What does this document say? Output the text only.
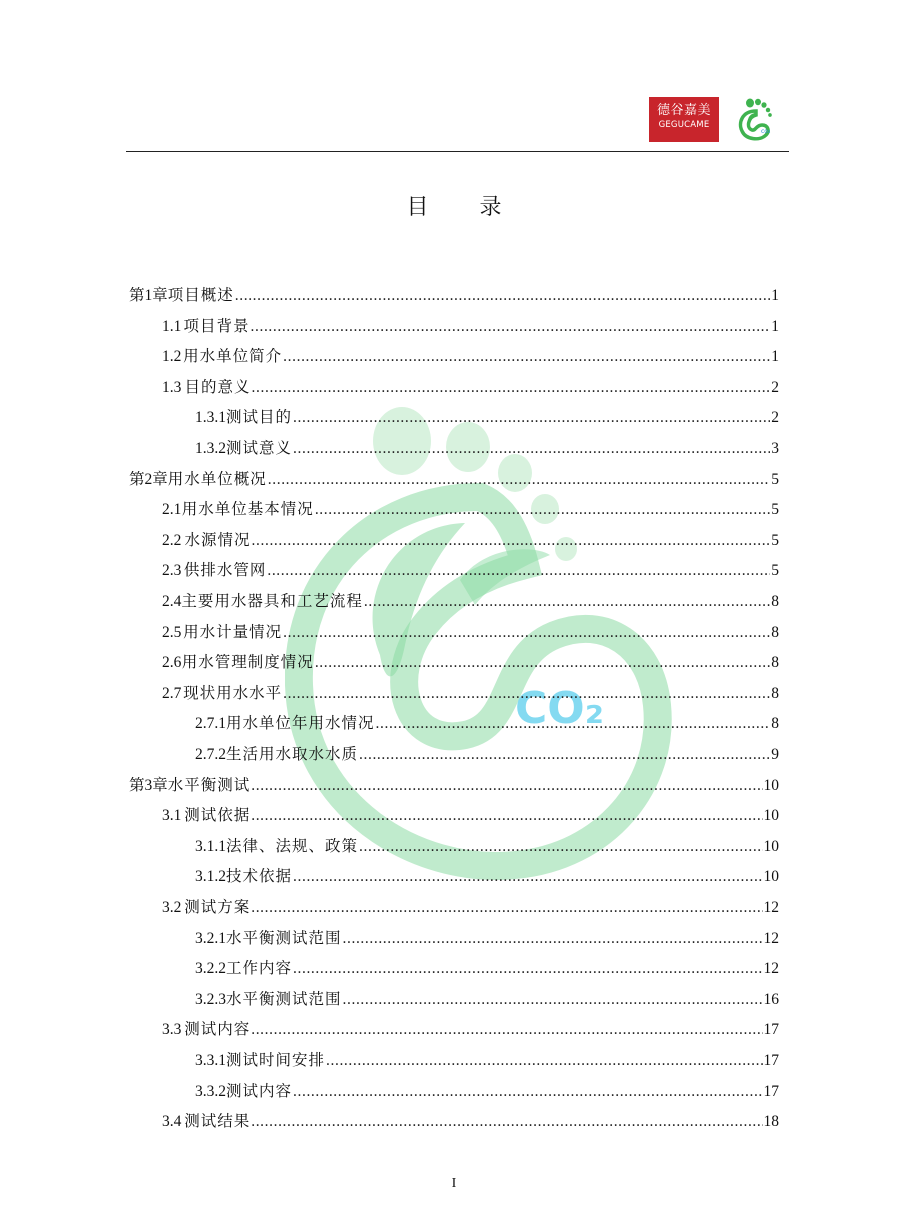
德谷嘉美
GEGUCAME
co₂
CO₂
目 录
第1章 项目概述 .....	1
1.1 项目背景 .....	1
1.2 用水单位简介 .....	1
1.3 目的意义 .....	2
1.3.1 测试目的 .....	2
1.3.2 测试意义 .....	3
第2章 用水单位概况 .....	5
2.1 用水单位基本情况 .....	5
2.2 水源情况 .....	5
2.3 供排水管网 .....	5
2.4 主要用水器具和工艺流程 .....	8
2.5 用水计量情况 .....	8
2.6 用水管理制度情况 .....	8
2.7 现状用水水平 .....	8
2.7.1 用水单位年用水情况 .....	8
2.7.2 生活用水取水水质 .....	9
第3章 水平衡测试 .....	10
3.1 测试依据 .....	10
3.1.1 法律、法规、政策 .....	10
3.1.2 技术依据 .....	10
3.2 测试方案 .....	12
3.2.1 水平衡测试范围 .....	12
3.2.2 工作内容 .....	12
3.2.3 水平衡测试范围 .....	16
3.3 测试内容 .....	17
3.3.1 测试时间安排 .....	17
3.3.2 测试内容 .....	17
3.4 测试结果 .....	18
I
